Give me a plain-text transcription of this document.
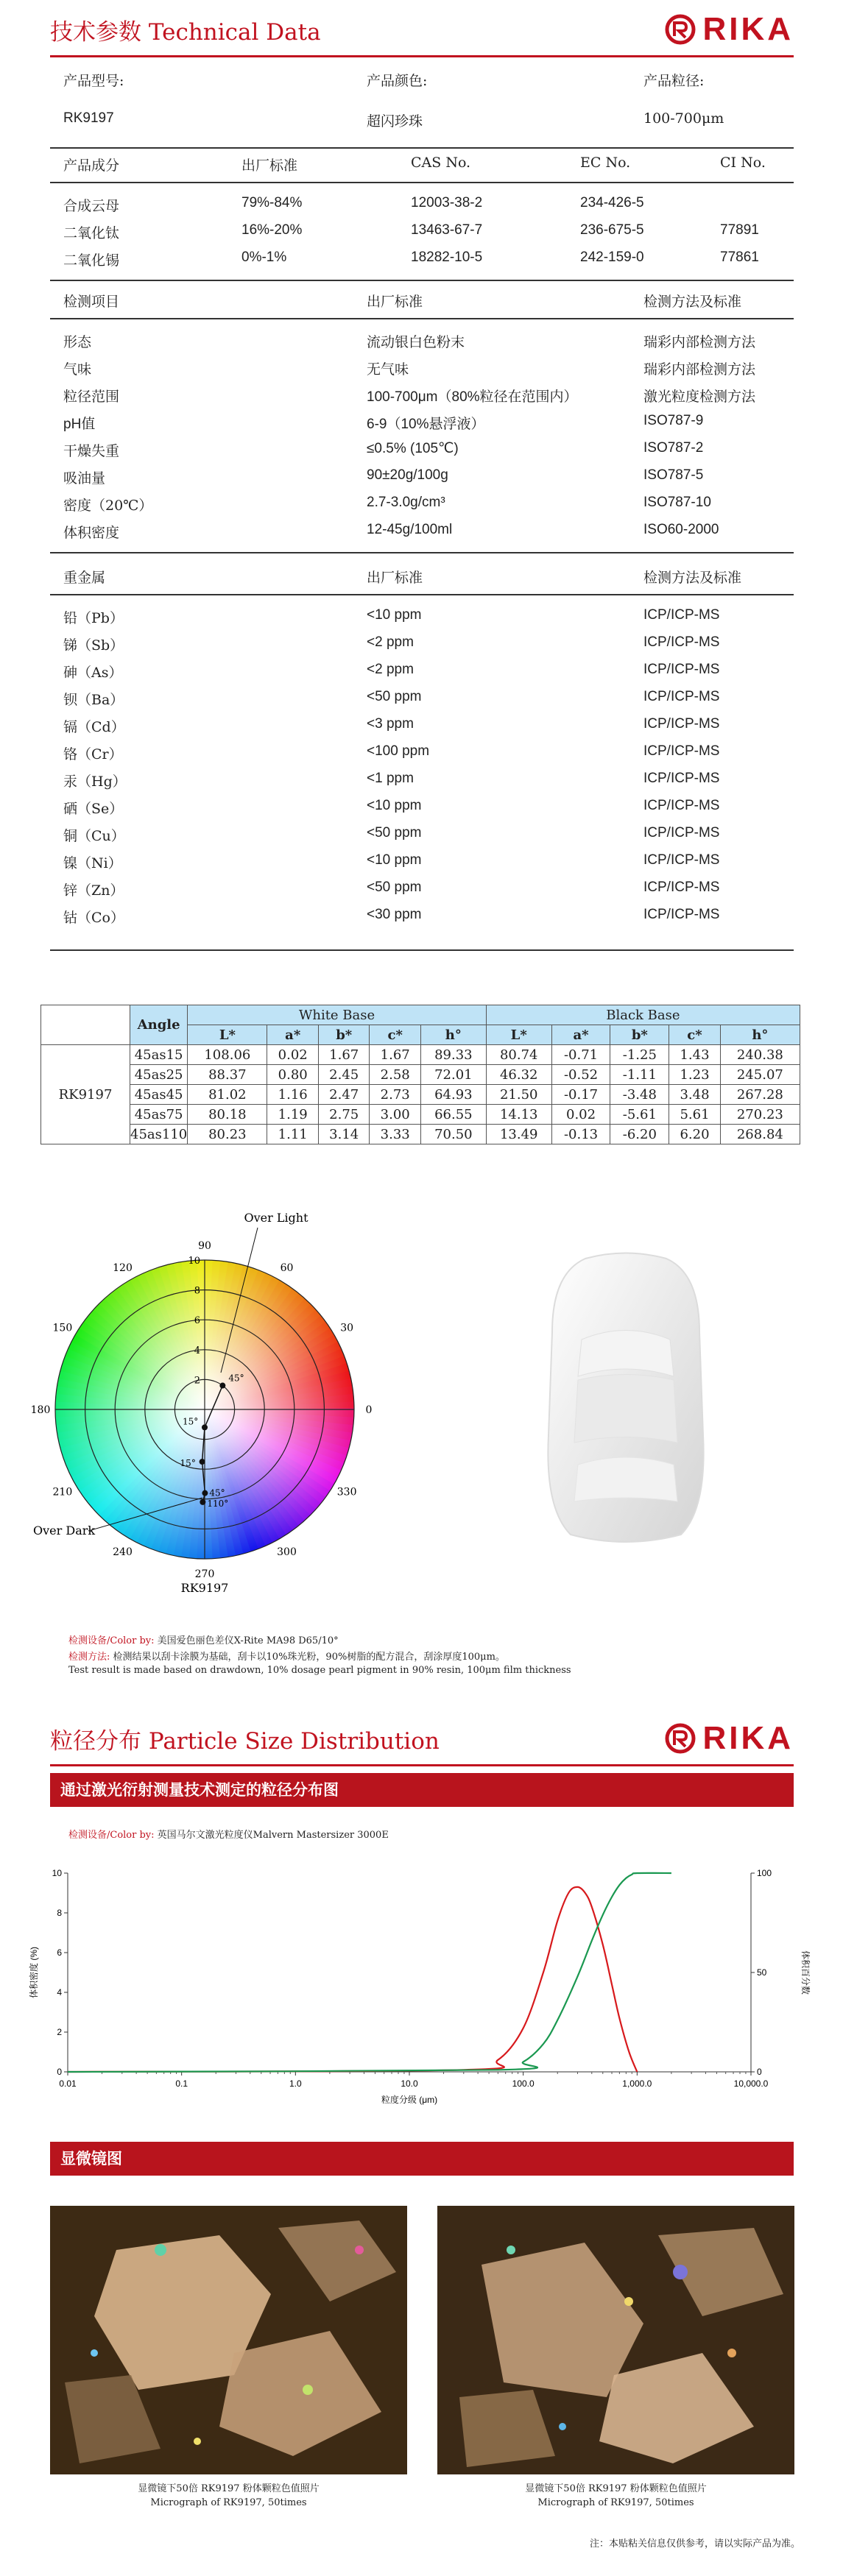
技术参数 Technical Data	RIKA
产品型号:	产品颜色:	产品粒径:
RK9197	超闪珍珠	100-700μm
产品成分	出厂标准	CAS No.	EC No.	CI No.
合成云母	79%-84%	12003-38-2	234-426-5
二氧化钛	16%-20%	13463-67-7	236-675-5	77891
二氧化锡	0%-1%	18282-10-5	242-159-0	77861
检测项目	出厂标准	检测方法及标准
形态	流动银白色粉末	瑞彩内部检测方法
气味	无气味	瑞彩内部检测方法
粒径范围	100-700μm（80%粒径在范围内）	激光粒度检测方法
pH值	6-9（10%悬浮液）	ISO787-9
干燥失重	≤0.5% (105℃)	ISO787-2
吸油量	90±20g/100g	ISO787-5
密度（20℃）	2.7-3.0g/cm³	ISO787-10
体积密度	12-45g/100ml	ISO60-2000
重金属	出厂标准	检测方法及标准
铅（Pb）	<10 ppm	ICP/ICP-MS
锑（Sb）	<2 ppm	ICP/ICP-MS
砷（As）	<2 ppm	ICP/ICP-MS
钡（Ba）	<50 ppm	ICP/ICP-MS
镉（Cd）	<3 ppm	ICP/ICP-MS
铬（Cr）	<100 ppm	ICP/ICP-MS
汞（Hg）	<1 ppm	ICP/ICP-MS
硒（Se）	<10 ppm	ICP/ICP-MS
铜（Cu）	<50 ppm	ICP/ICP-MS
镍（Ni）	<10 ppm	ICP/ICP-MS
锌（Zn）	<50 ppm	ICP/ICP-MS
钴（Co）	<30 ppm	ICP/ICP-MS
	Angle	White Base					Black Base				
		L*	a*	b*	c*	h°	L*	a*	b*	c*	h°
RK9197	45as15	108.06	0.02	1.67	1.67	89.33	80.74	-0.71	-1.25	1.43	240.38
	45as25	88.37	0.80	2.45	2.58	72.01	46.32	-0.52	-1.11	1.23	245.07
	45as45	81.02	1.16	2.47	2.73	64.93	21.50	-0.17	-3.48	3.48	267.28
	45as75	80.18	1.19	2.75	3.00	66.55	14.13	0.02	-5.61	5.61	270.23
	45as110	80.23	1.11	3.14	3.33	70.50	13.49	-0.13	-6.20	6.20	268.84
90
60
30
0
330
300
270
240
210
180
150
120
2
4
6
8
10
Over Light
Over Dark
RK9197
45°
15°
15°
45°
110°
检测设备/Color by: 美国爱色丽色差仪X-Rite MA98 D65/10°
检测方法: 检测结果以刮卡涂膜为基础，刮卡以10%珠光粉，90%树脂的配方混合，刮涂厚度100μm。
Test result is made based on drawdown, 10% dosage pearl pigment in 90% resin, 100μm film thickness
粒径分布 Particle Size Distribution	RIKA
通过激光衍射测量技术测定的粒径分布图
检测设备/Color by: 英国马尔文激光粒度仪Malvern Mastersizer 3000E
0.01	0.1	1.0	10.0	100.0	1,000.0	10,000.0
0
2
4
6
8
10
0
50
100
粒度分级 (μm)
体积密度 (%)	体积百分数
显微镜图
显微镜下50倍 RK9197 粉体颗粒色值照片
Micrograph of RK9197, 50times
显微镜下50倍 RK9197 粉体颗粒色值照片
Micrograph of RK9197, 50times
注：本贴粘关信息仅供参考，请以实际产品为准。
